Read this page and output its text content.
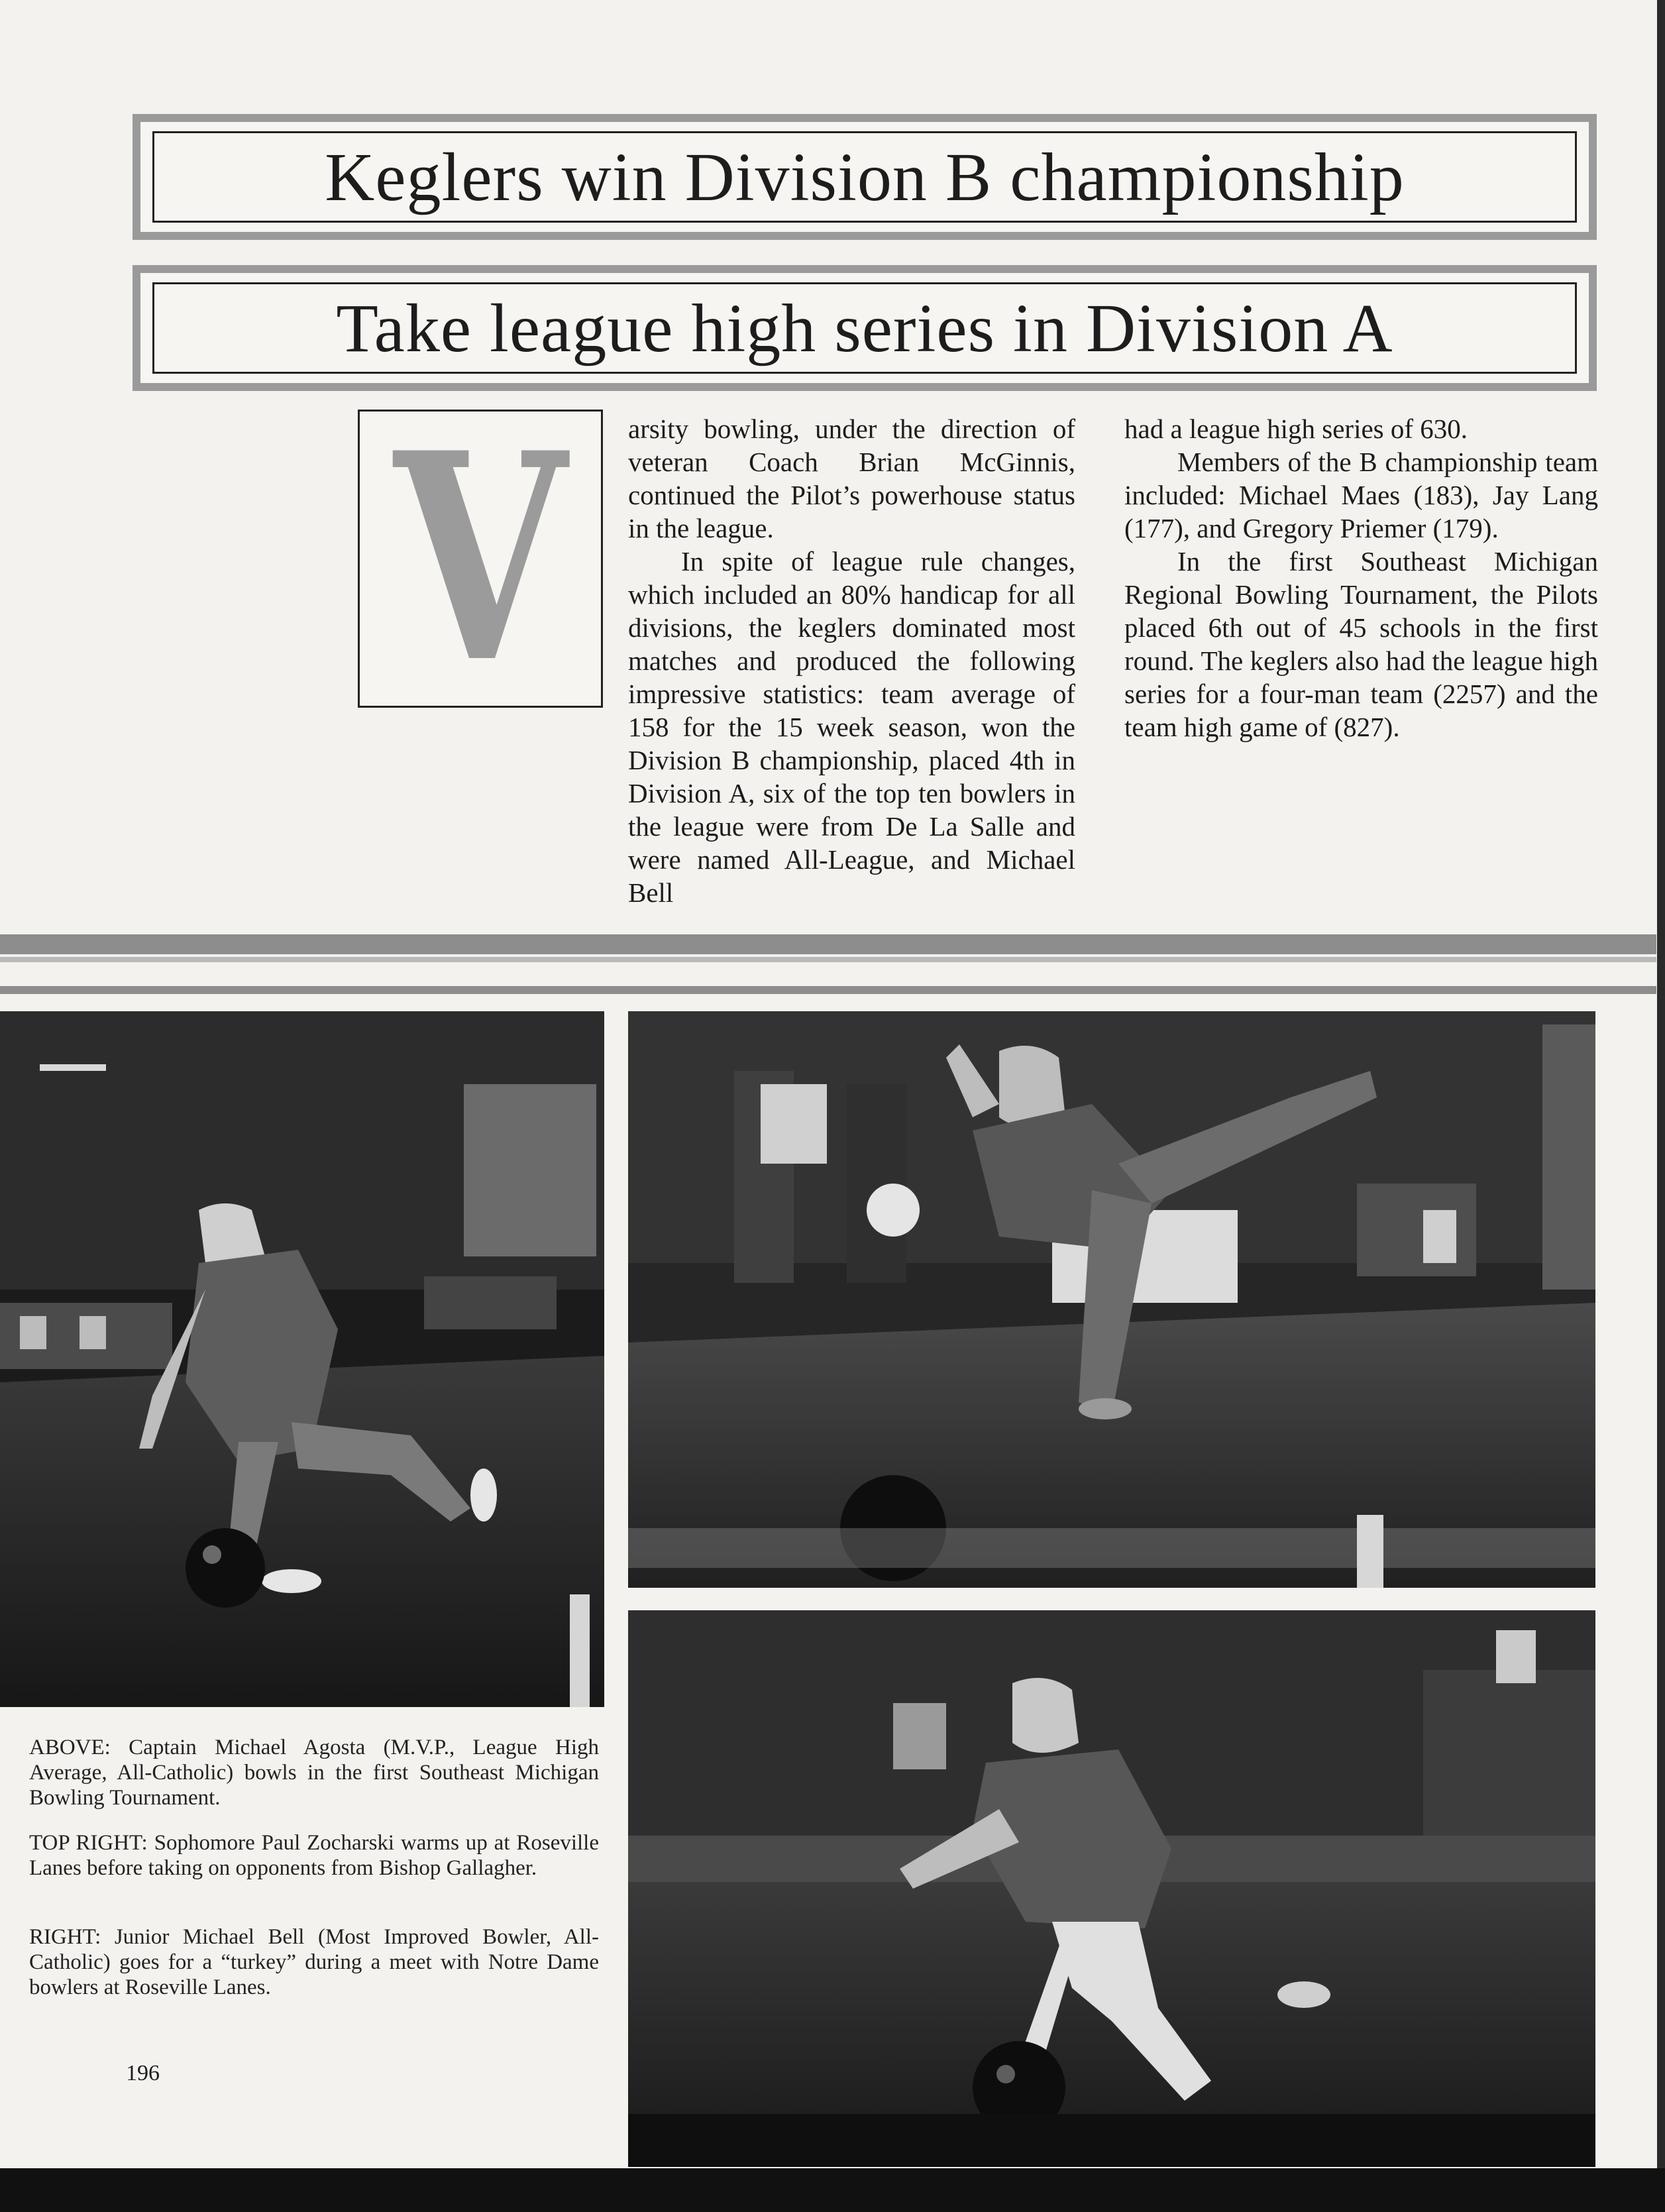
Keglers win Division B championship
Take league high series in Division A
V arsity bowling, under the direction of veteran Coach Brian McGinnis, continued the Pilot’s powerhouse status in the league.

In spite of league rule changes, which included an 80% handicap for all divisions, the keglers dominated most matches and produced the following impressive statistics: team average of 158 for the 15 week season, won the Division B championship, placed 4th in Division A, six of the top ten bowlers in the league were from De La Salle and were named All-League, and Michael Bell

had a league high series of 630.

Members of the B championship team included: Michael Maes (183), Jay Lang (177), and Gregory Priemer (179).

In the first Southeast Michigan Regional Bowling Tournament, the Pilots placed 6th out of 45 schools in the first round. The keglers also had the league high series for a four-man team (2257) and the team high game of (827).

ABOVE: Captain Michael Agosta (M.V.P., League High Average, All-Catholic) bowls in the first Southeast Michigan Bowling Tournament.
TOP RIGHT: Sophomore Paul Zocharski warms up at Roseville Lanes before taking on opponents from Bishop Gallagher.
RIGHT: Junior Michael Bell (Most Improved Bowler, All-Catholic) goes for a “turkey” during a meet with Notre Dame bowlers at Roseville Lanes.
196
